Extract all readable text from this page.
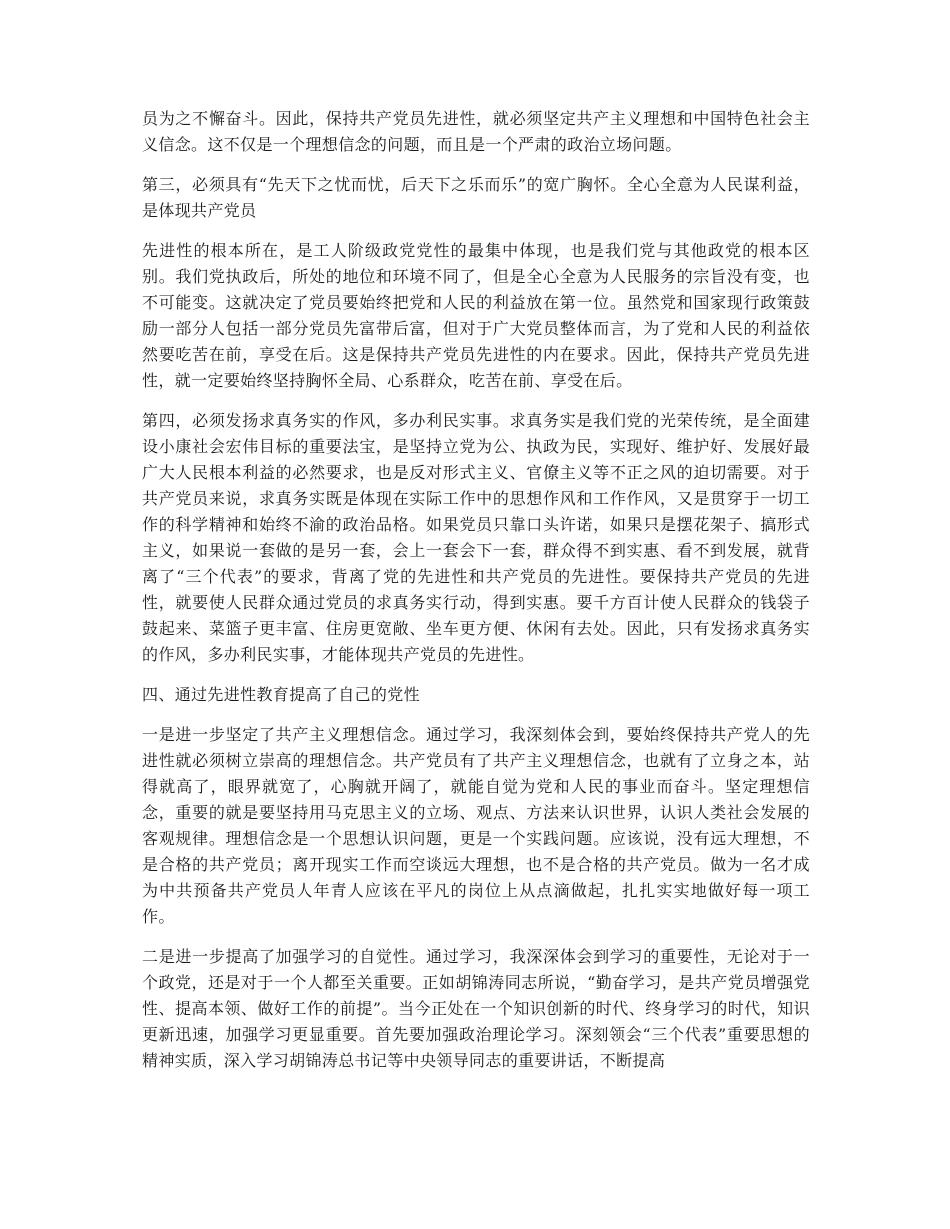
员为之不懈奋斗。因此，保持共产党员先进性，就必须坚定共产主义理想和中国特色社会主义信念。这不仅是一个理想信念的问题，而且是一个严肃的政治立场问题。

第三，必须具有“先天下之忧而忧，后天下之乐而乐”的宽广胸怀。全心全意为人民谋利益，是体现共产党员

先进性的根本所在，是工人阶级政党党性的最集中体现，也是我们党与其他政党的根本区别。我们党执政后，所处的地位和环境不同了，但是全心全意为人民服务的宗旨没有变，也不可能变。这就决定了党员要始终把党和人民的利益放在第一位。虽然党和国家现行政策鼓励一部分人包括一部分党员先富带后富，但对于广大党员整体而言，为了党和人民的利益依然要吃苦在前，享受在后。这是保持共产党员先进性的内在要求。因此，保持共产党员先进性，就一定要始终坚持胸怀全局、心系群众，吃苦在前、享受在后。

第四，必须发扬求真务实的作风，多办利民实事。求真务实是我们党的光荣传统，是全面建设小康社会宏伟目标的重要法宝，是坚持立党为公、执政为民，实现好、维护好、发展好最广大人民根本利益的必然要求，也是反对形式主义、官僚主义等不正之风的迫切需要。对于共产党员来说，求真务实既是体现在实际工作中的思想作风和工作作风，又是贯穿于一切工作的科学精神和始终不渝的政治品格。如果党员只靠口头许诺，如果只是摆花架子、搞形式主义，如果说一套做的是另一套，会上一套会下一套，群众得不到实惠、看不到发展，就背离了“三个代表”的要求，背离了党的先进性和共产党员的先进性。要保持共产党员的先进性，就要使人民群众通过党员的求真务实行动，得到实惠。要千方百计使人民群众的钱袋子鼓起来、菜篮子更丰富、住房更宽敞、坐车更方便、休闲有去处。因此，只有发扬求真务实的作风，多办利民实事，才能体现共产党员的先进性。

四、通过先进性教育提高了自己的党性

一是进一步坚定了共产主义理想信念。通过学习，我深刻体会到，要始终保持共产党人的先进性就必须树立崇高的理想信念。共产党员有了共产主义理想信念，也就有了立身之本，站得就高了，眼界就宽了，心胸就开阔了，就能自觉为党和人民的事业而奋斗。坚定理想信念，重要的就是要坚持用马克思主义的立场、观点、方法来认识世界，认识人类社会发展的客观规律。理想信念是一个思想认识问题，更是一个实践问题。应该说，没有远大理想，不是合格的共产党员；离开现实工作而空谈远大理想，也不是合格的共产党员。做为一名才成为中共预备共产党员人年青人应该在平凡的岗位上从点滴做起，扎扎实实地做好每一项工作。

二是进一步提高了加强学习的自觉性。通过学习，我深深体会到学习的重要性，无论对于一个政党，还是对于一个人都至关重要。正如胡锦涛同志所说，“勤奋学习，是共产党员增强党性、提高本领、做好工作的前提”。当今正处在一个知识创新的时代、终身学习的时代，知识更新迅速，加强学习更显重要。首先要加强政治理论学习。深刻领会“三个代表”重要思想的精神实质，深入学习胡锦涛总书记等中央领导同志的重要讲话，不断提高
